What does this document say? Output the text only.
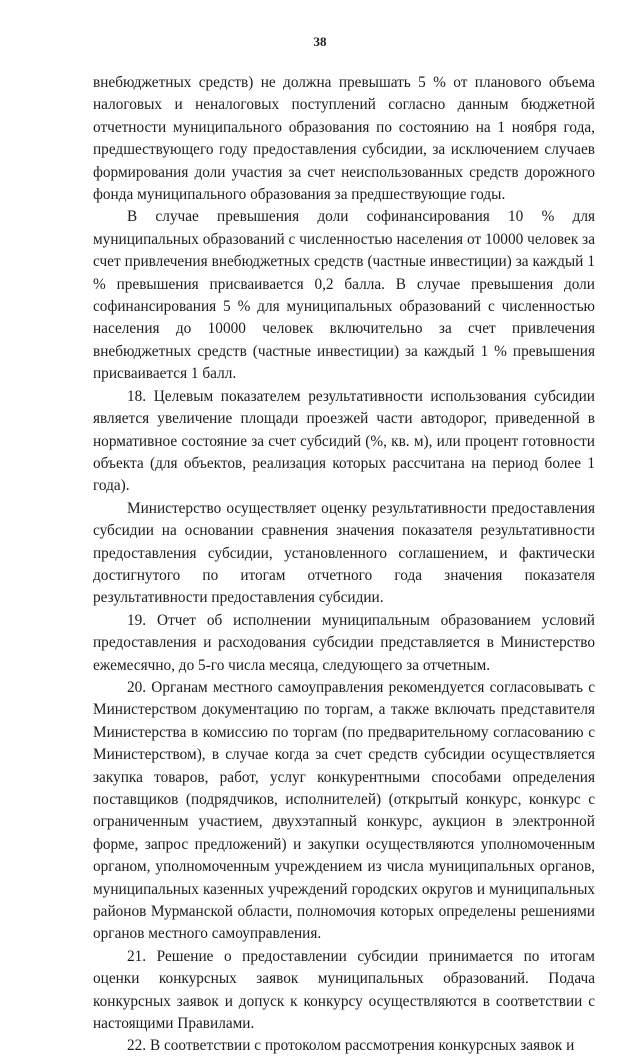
38

внебюджетных средств) не должна превышать 5 % от планового объема налоговых и неналоговых поступлений согласно данным бюджетной отчетности муниципального образования по состоянию на 1 ноября года, предшествующего году предоставления субсидии, за исключением случаев формирования доли участия за счет неиспользованных средств дорожного фонда муниципального образования за предшествующие годы.

В случае превышения доли софинансирования 10 % для муниципальных образований с численностью населения от 10000 человек за счет привлечения внебюджетных средств (частные инвестиции) за каждый 1 % превышения присваивается 0,2 балла. В случае превышения доли софинансирования 5 % для муниципальных образований с численностью населения до 10000 человек включительно за счет привлечения внебюджетных средств (частные инвестиции) за каждый 1 % превышения присваивается 1 балл.

18. Целевым показателем результативности использования субсидии является увеличение площади проезжей части автодорог, приведенной в нормативное состояние за счет субсидий (%, кв. м), или процент готовности объекта (для объектов, реализация которых рассчитана на период более 1 года).

Министерство осуществляет оценку результативности предоставления субсидии на основании сравнения значения показателя результативности предоставления субсидии, установленного соглашением, и фактически достигнутого по итогам отчетного года значения показателя результативности предоставления субсидии.

19. Отчет об исполнении муниципальным образованием условий предоставления и расходования субсидии представляется в Министерство ежемесячно, до 5-го числа месяца, следующего за отчетным.

20. Органам местного самоуправления рекомендуется согласовывать с Министерством документацию по торгам, а также включать представителя Министерства в комиссию по торгам (по предварительному согласованию с Министерством), в случае когда за счет средств субсидии осуществляется закупка товаров, работ, услуг конкурентными способами определения поставщиков (подрядчиков, исполнителей) (открытый конкурс, конкурс с ограниченным участием, двухэтапный конкурс, аукцион в электронной форме, запрос предложений) и закупки осуществляются уполномоченным органом, уполномоченным учреждением из числа муниципальных органов, муниципальных казенных учреждений городских округов и муниципальных районов Мурманской области, полномочия которых определены решениями органов местного самоуправления.

21. Решение о предоставлении субсидии принимается по итогам оценки конкурсных заявок муниципальных образований. Подача конкурсных заявок и допуск к конкурсу осуществляются в соответствии с настоящими Правилами.

22. В соответствии с протоколом рассмотрения конкурсных заявок и
